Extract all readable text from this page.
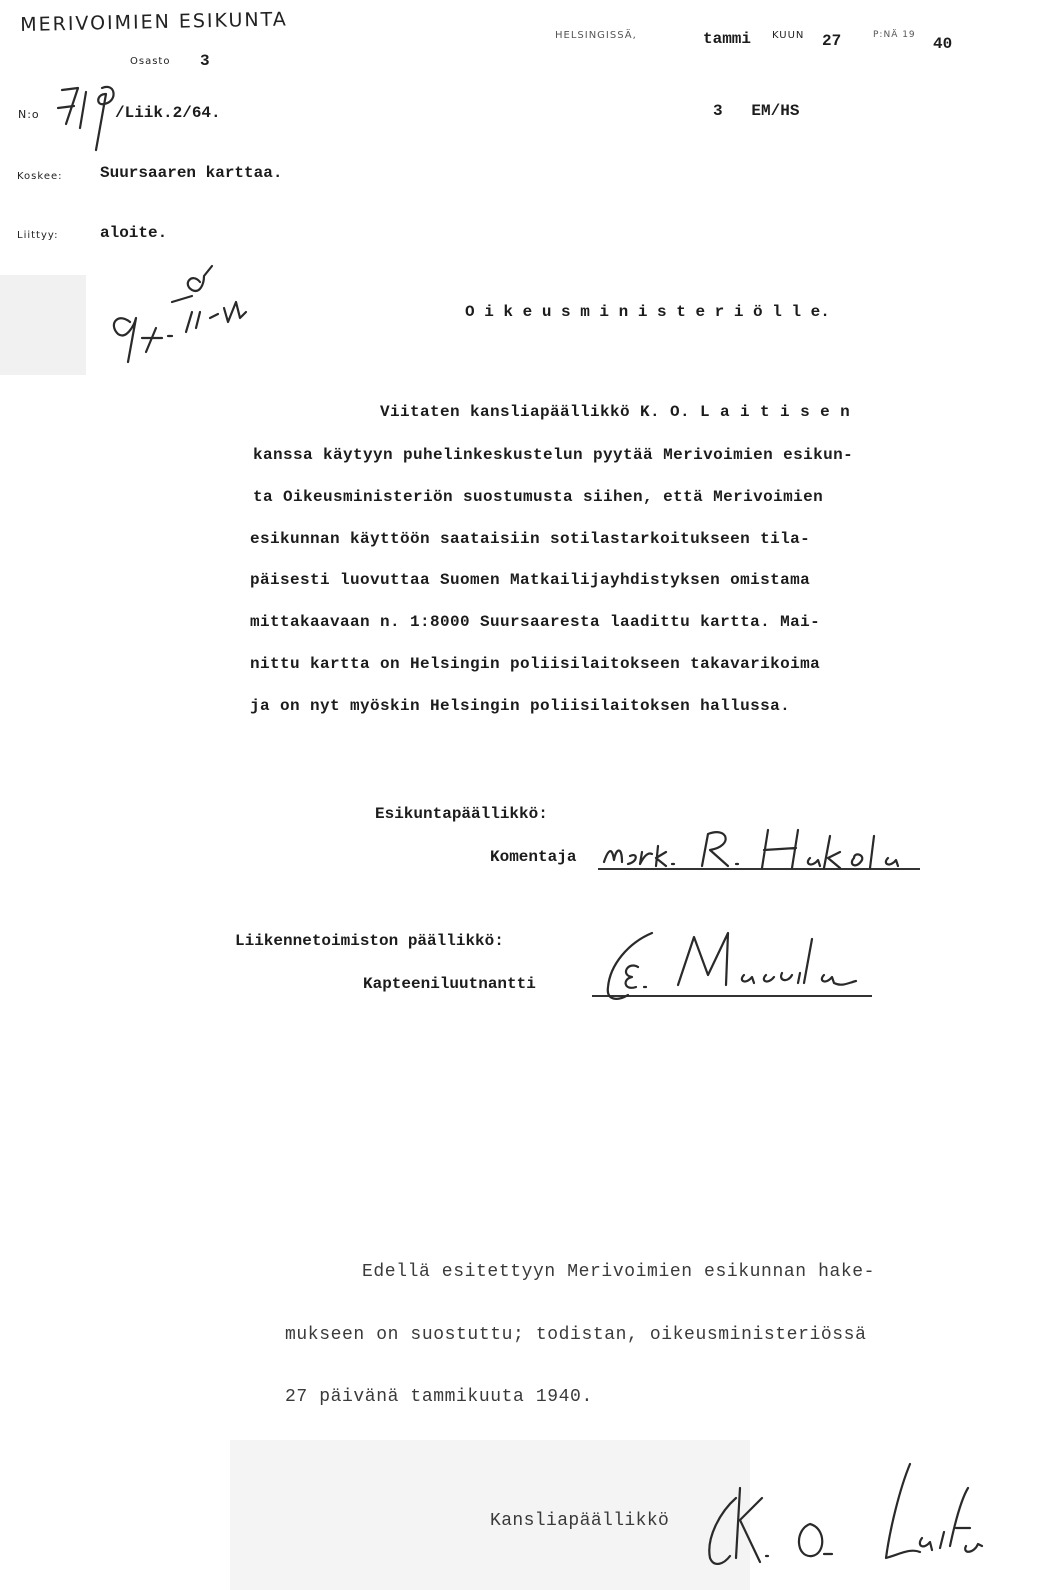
MERIVOIMIEN ESIKUNTA
Osasto 3
HELSINGISSÄ,	tammi KUUN 27	P:NÄ 19 40
N:o	/Liik.2/64.	3   EM/HS
Koskee: Suursaaren karttaa.
Liittyy:	aloite.
O i k e u s m i n i s t e r i ö l l e.
Viitaten kansliapäällikkö K. O. L a i t i s e n
kanssa käytyyn puhelinkeskustelun pyytää Merivoimien esikun-
ta Oikeusministeriön suostumusta siihen, että Merivoimien
esikunnan käyttöön saataisiin sotilastarkoitukseen tila-
päisesti luovuttaa Suomen Matkailijayhdistyksen omistama
mittakaavaan n. 1:8000 Suursaaresta laadittu kartta. Mai-
nittu kartta on Helsingin poliisilaitokseen takavarikoima
ja on nyt myöskin Helsingin poliisilaitoksen hallussa.
Esikuntapäällikkö:
Komentaja
Liikennetoimiston päällikkö:
Kapteeniluutnantti
Edellä esitettyyn Merivoimien esikunnan hake-
mukseen on suostuttu; todistan, oikeusministeriössä
27 päivänä tammikuuta 1940.
Kansliapäällikkö
